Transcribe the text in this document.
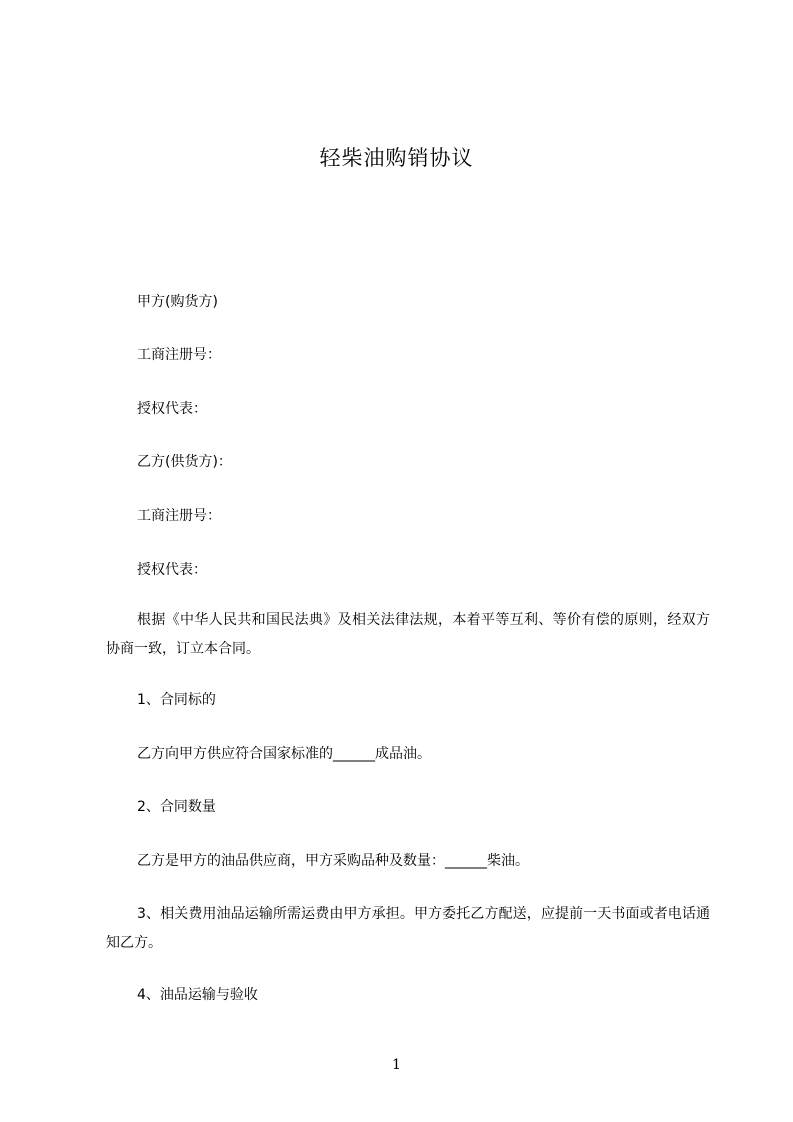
轻柴油购销协议
甲方(购货方)
工商注册号：
授权代表：
乙方(供货方)：
工商注册号：
授权代表：
根据《中华人民共和国民法典》及相关法律法规，本着平等互利、等价有偿的原则，经双方协商一致，订立本合同。
1、合同标的
乙方向甲方供应符合国家标准的______成品油。
2、合同数量
乙方是甲方的油品供应商，甲方采购品种及数量：______柴油。
3、相关费用油品运输所需运费由甲方承担。甲方委托乙方配送，应提前一天书面或者电话通知乙方。
4、油品运输与验收
1
